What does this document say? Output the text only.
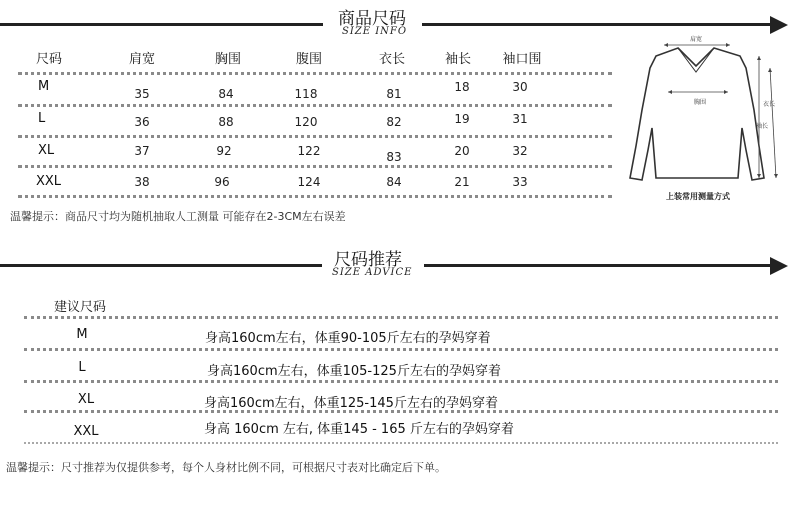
商品尺码
SIZE INFO
尺码	肩宽	胸围	腹围	衣长	袖长 袖口围
M	35	84	118	81	18	30
L	36	88	120	82	19	31
XL	37	92	122	83	20	32
XXL	38	96	124	84	21	33
温馨提示：商品尺寸均为随机抽取人工测量 可能存在2-3CM左右误差
肩宽
胸围	衣长
袖长
上装常用测量方式
尺码推荐
SIZE ADVICE
建议尺码
M	身高160cm左右，体重90-105斤左右的孕妈穿着
L	身高160cm左右，体重105-125斤左右的孕妈穿着
XL	身高160cm左右，体重125-145斤左右的孕妈穿着
XXL	身高 160cm 左右, 体重145 - 165 斤左右的孕妈穿着
温馨提示：尺寸推荐为仅提供参考，每个人身材比例不同，可根据尺寸表对比确定后下单。
